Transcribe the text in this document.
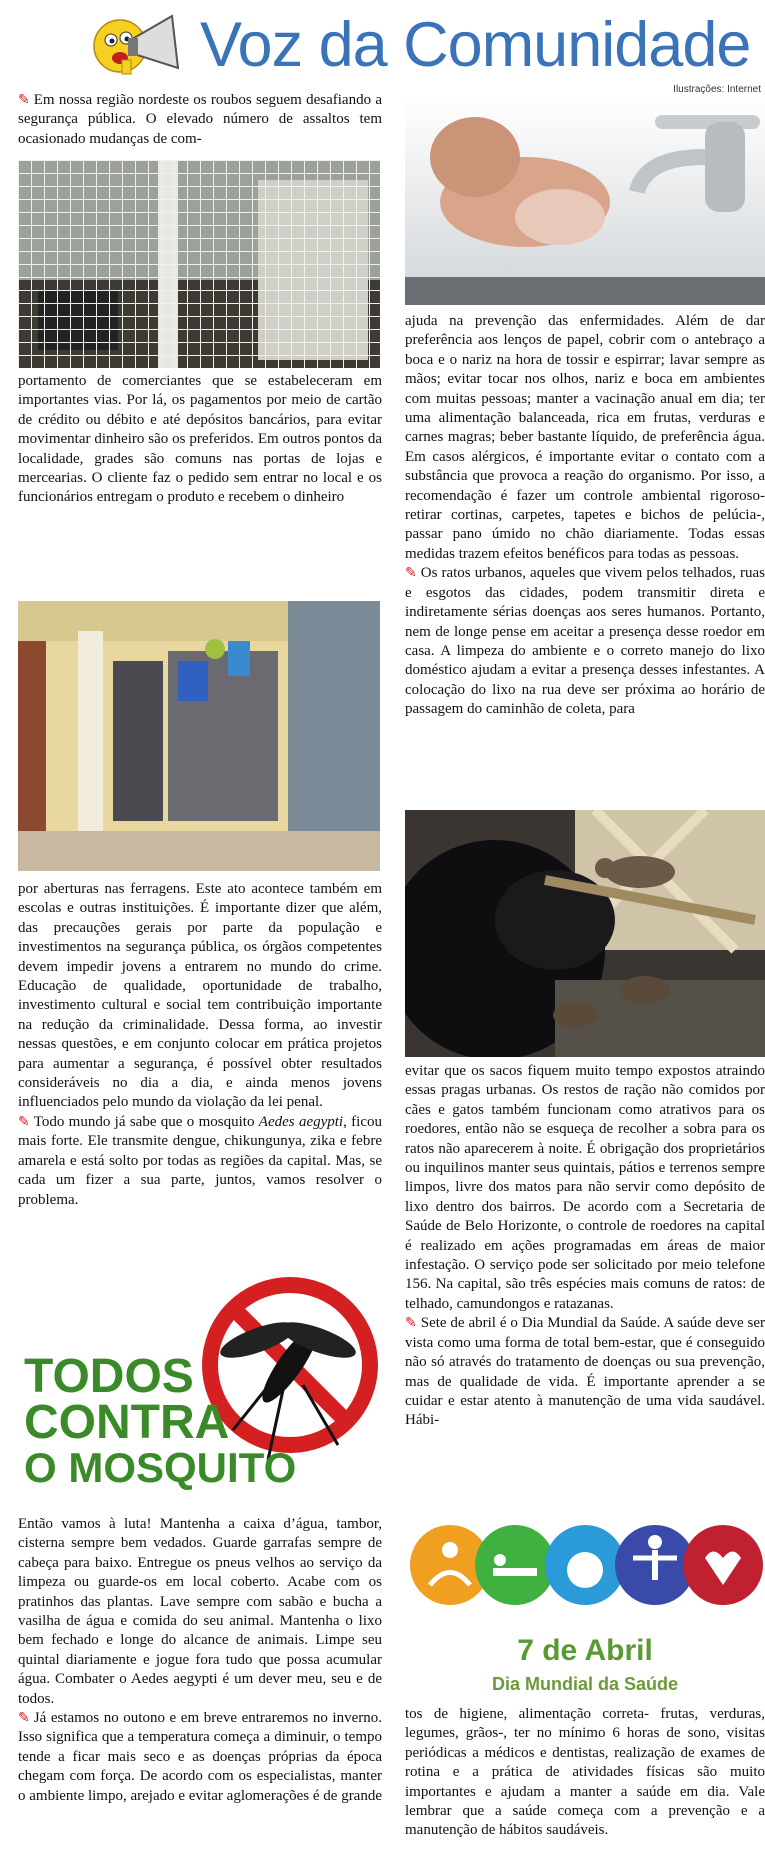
Voz da Comunidade
Ilustrações: Internet

✎ Em nossa região nordeste os roubos seguem desafiando a segurança pública. O elevado número de assaltos tem ocasionado mudanças de com-

portamento de comerciantes que se estabeleceram em importantes vias. Por lá, os pagamentos por meio de cartão de crédito ou débito e até depósitos bancários, para evitar movimentar dinheiro são os preferidos. Em outros pontos da localidade, grades são comuns nas portas de lojas e mercearias. O cliente faz o pedido sem entrar no local e os funcionários entregam o produto e recebem o dinheiro

por aberturas nas ferragens. Este ato acontece também em escolas e outras instituições. É importante dizer que além, das precauções gerais por parte da população e investimentos na segurança pública, os órgãos competentes devem impedir jovens a entrarem no mundo do crime. Educação de qualidade, oportunidade de trabalho, investimento cultural e social tem contribuição importante na redução da criminalidade. Dessa forma, ao investir nessas questões, e em conjunto colocar em prática projetos para aumentar a segurança, é possível obter resultados consideráveis no dia a dia, e ainda menos jovens influenciados pelo mundo da violação da lei penal.

✎ Todo mundo já sabe que o mosquito Aedes aegypti, ficou mais forte. Ele transmite dengue, chikungunya, zika e febre amarela e está solto por todas as regiões da capital. Mas, se cada um fizer a sua parte, juntos, vamos resolver o problema.

TODOS
CONTRA
O MOSQUITO

Então vamos à luta! Mantenha a caixa d’água, tambor, cisterna sempre bem vedados. Guarde garrafas sempre de cabeça para baixo. Entregue os pneus velhos ao serviço da limpeza ou guarde-os em local coberto. Acabe com os pratinhos das plantas. Lave sempre com sabão e bucha a vasilha de água e comida do seu animal. Mantenha o lixo bem fechado e longe do alcance de animais. Limpe seu quintal diariamente e jogue fora tudo que possa acumular água. Combater o Aedes aegypti é um dever meu, seu e de todos.

✎ Já estamos no outono e em breve entraremos no inverno. Isso significa que a temperatura começa a diminuir, o tempo tende a ficar mais seco e as doenças próprias da época chegam com força. De acordo com os especialistas, manter o ambiente limpo, arejado e evitar aglomerações é de grande

ajuda na prevenção das enfermidades. Além de dar preferência aos lenços de papel, cobrir com o antebraço a boca e o nariz na hora de tossir e espirrar; lavar sempre as mãos; evitar tocar nos olhos, nariz e boca em ambientes com muitas pessoas; manter a vacinação anual em dia; ter uma alimentação balanceada, rica em frutas, verduras e carnes magras; beber bastante líquido, de preferência água. Em casos alérgicos, é importante evitar o contato com a substância que provoca a reação do organismo. Por isso, a recomendação é fazer um controle ambiental rigoroso- retirar cortinas, carpetes, tapetes e bichos de pelúcia-, passar pano úmido no chão diariamente. Todas essas medidas trazem efeitos benéficos para todas as pessoas.

✎ Os ratos urbanos, aqueles que vivem pelos telhados, ruas e esgotos das cidades, podem transmitir direta e indiretamente sérias doenças aos seres humanos. Portanto, nem de longe pense em aceitar a presença desse roedor em casa. A limpeza do ambiente e o correto manejo do lixo doméstico ajudam a evitar a presença desses infestantes. A colocação do lixo na rua deve ser próxima ao horário de passagem do caminhão de coleta, para

evitar que os sacos fiquem muito tempo expostos atraindo essas pragas urbanas. Os restos de ração não comidos por cães e gatos também funcionam como atrativos para os roedores, então não se esqueça de recolher a sobra para os ratos não aparecerem à noite. É obrigação dos proprietários ou inquilinos manter seus quintais, pátios e terrenos sempre limpos, livre dos matos para não servir como depósito de lixo dentro dos bairros. De acordo com a Secretaria de Saúde de Belo Horizonte, o controle de roedores na capital é realizado em ações programadas em áreas de maior infestação. O serviço pode ser solicitado por meio telefone 156. Na capital, são três espécies mais comuns de ratos: de telhado, camundongos e ratazanas.

✎ Sete de abril é o Dia Mundial da Saúde. A saúde deve ser vista como uma forma de total bem-estar, que é conseguido não só através do tratamento de doenças ou sua prevenção, mas de qualidade de vida. É importante aprender a se cuidar e estar atento à manutenção de uma vida saudável. Hábi-

7 de Abril
Dia Mundial da Saúde

tos de higiene, alimentação correta- frutas, verduras, legumes, grãos-, ter no mínimo 6 horas de sono, visitas periódicas a médicos e dentistas, realização de exames de rotina e a prática de atividades físicas são muito importantes e ajudam a manter a saúde em dia. Vale lembrar que a saúde começa com a prevenção e a manutenção de hábitos saudáveis.
